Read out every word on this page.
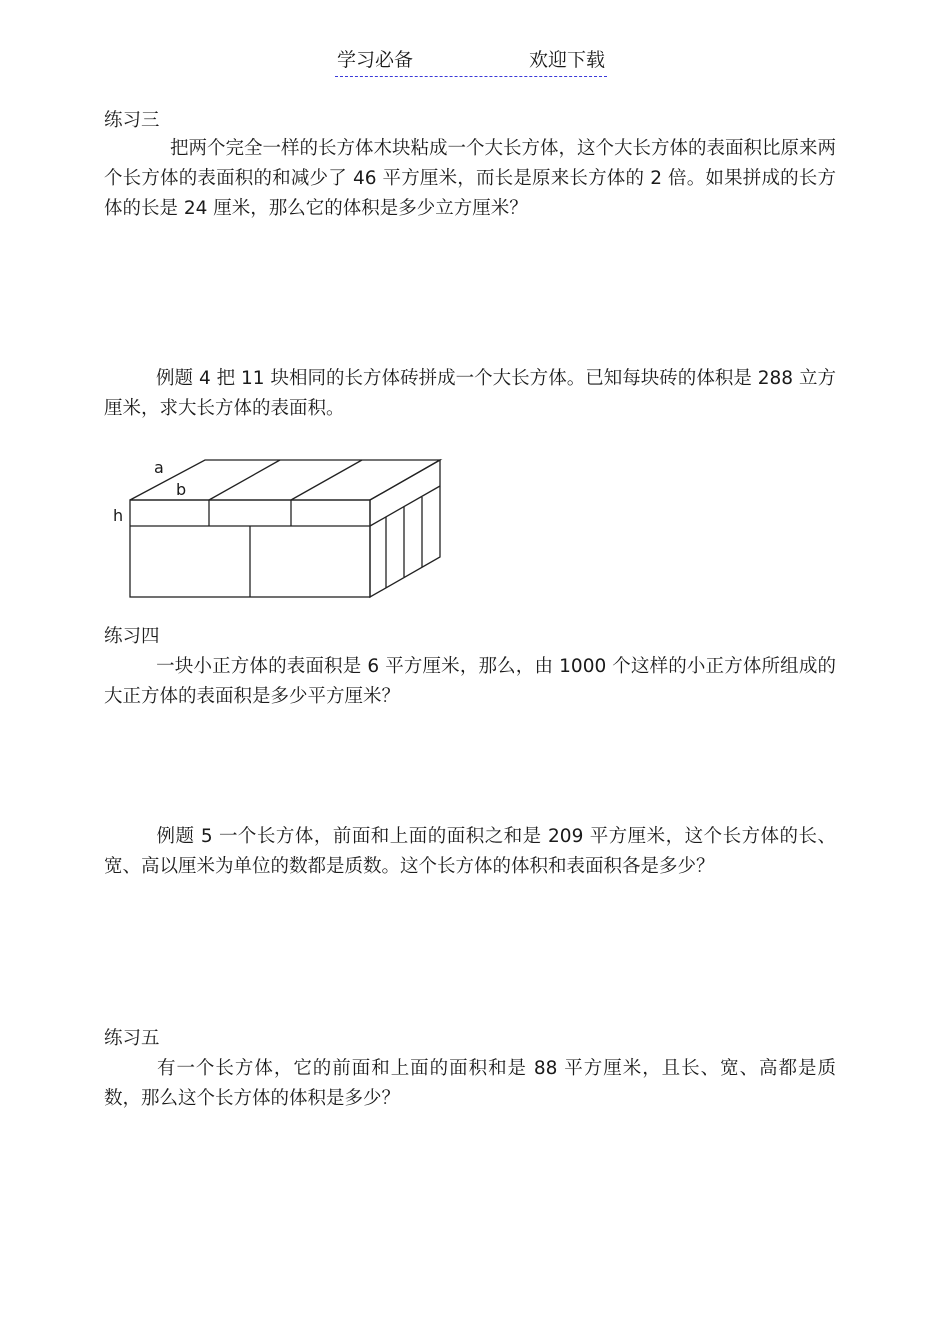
学习必备	欢迎下载
练习三

把两个完全一样的长方体木块粘成一个大长方体，这个大长方体的表面积比原来两个长方体的表面积的和减少了 46 平方厘米，而长是原来长方体的 2 倍。如果拼成的长方体的长是 24 厘米，那么它的体积是多少立方厘米？

例题 4 把 11 块相同的长方体砖拼成一个大长方体。已知每块砖的体积是 288 立方厘米，求大长方体的表面积。

a
b
h
练习四

一块小正方体的表面积是 6 平方厘米，那么，由 1000 个这样的小正方体所组成的大正方体的表面积是多少平方厘米？

例题 5 一个长方体，前面和上面的面积之和是 209 平方厘米，这个长方体的长、宽、高以厘米为单位的数都是质数。这个长方体的体积和表面积各是多少？

练习五

有一个长方体，它的前面和上面的面积和是 88 平方厘米，且长、宽、高都是质数，那么这个长方体的体积是多少？
